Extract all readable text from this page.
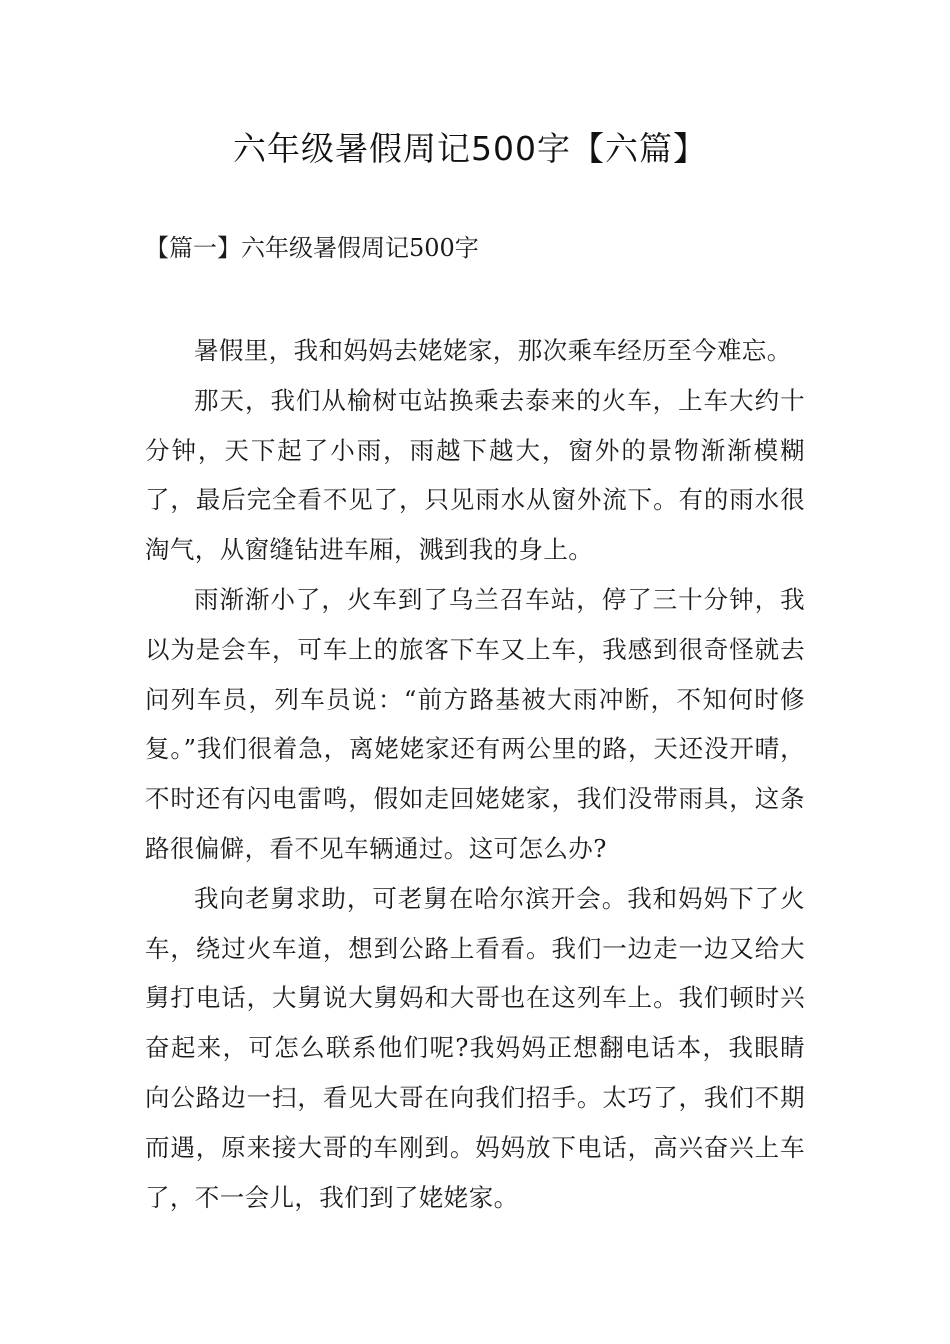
六年级暑假周记500字【六篇】
【篇一】六年级暑假周记500字

暑假里，我和妈妈去姥姥家，那次乘车经历至今难忘。

那天，我们从榆树屯站换乘去泰来的火车，上车大约十分钟，天下起了小雨，雨越下越大，窗外的景物渐渐模糊了，最后完全看不见了，只见雨水从窗外流下。有的雨水很淘气，从窗缝钻进车厢，溅到我的身上。

雨渐渐小了，火车到了乌兰召车站，停了三十分钟，我以为是会车，可车上的旅客下车又上车，我感到很奇怪就去问列车员，列车员说：“前方路基被大雨冲断，不知何时修复。”我们很着急，离姥姥家还有两公里的路，天还没开晴，不时还有闪电雷鸣，假如走回姥姥家，我们没带雨具，这条路很偏僻，看不见车辆通过。这可怎么办?

我向老舅求助，可老舅在哈尔滨开会。我和妈妈下了火车，绕过火车道，想到公路上看看。我们一边走一边又给大舅打电话，大舅说大舅妈和大哥也在这列车上。我们顿时兴奋起来，可怎么联系他们呢?我妈妈正想翻电话本，我眼睛向公路边一扫，看见大哥在向我们招手。太巧了，我们不期而遇，原来接大哥的车刚到。妈妈放下电话，高兴奋兴上车了，不一会儿，我们到了姥姥家。
